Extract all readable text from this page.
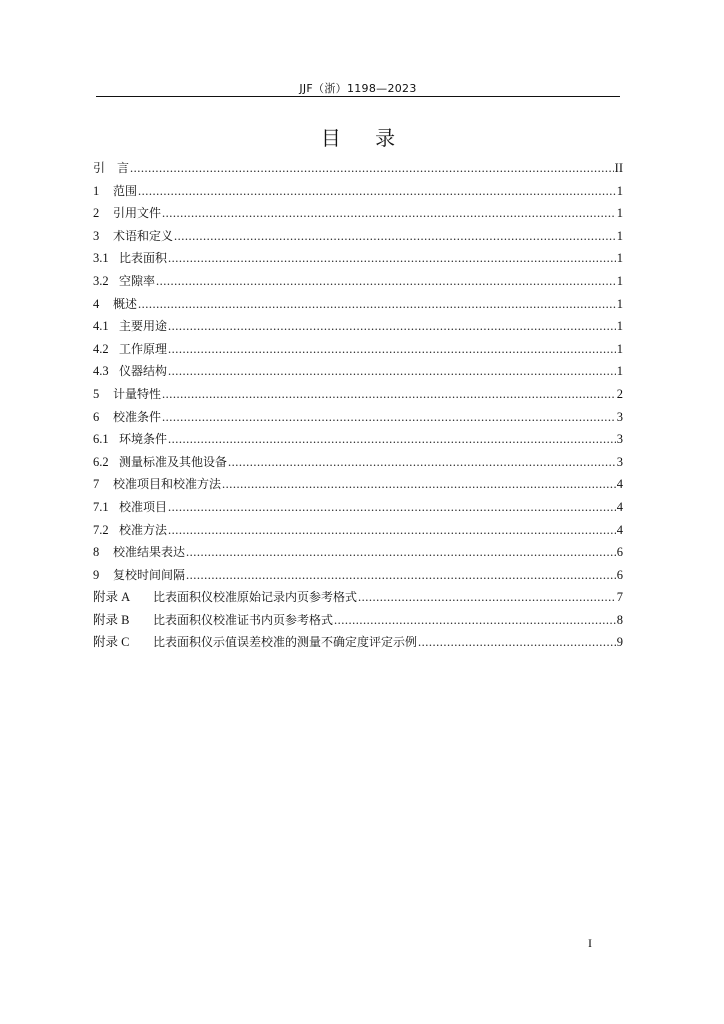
JJF（浙）1198—2023
目 录
引　言 .....	II
1	范围 .....	1
2	引用文件 .....	1
3	术语和定义 .....	1
3.1 比表面积 .....	1
3.2 空隙率 .....	1
4	概述 .....	1
4.1 主要用途 .....	1
4.2 工作原理 .....	1
4.3 仪器结构 .....	1
5	计量特性 .....	2
6	校准条件 .....	3
6.1 环境条件 .....	3
6.2 测量标准及其他设备 .....	3
7	校准项目和校准方法 .....	4
7.1 校准项目 .....	4
7.2 校准方法 .....	4
8	校准结果表达 .....	6
9	复校时间间隔 .....	6
附录 A	比表面积仪校准原始记录内页参考格式 .....	7
附录 B	比表面积仪校准证书内页参考格式 .....	8
附录 C	比表面积仪示值误差校准的测量不确定度评定示例 .....	9
I
